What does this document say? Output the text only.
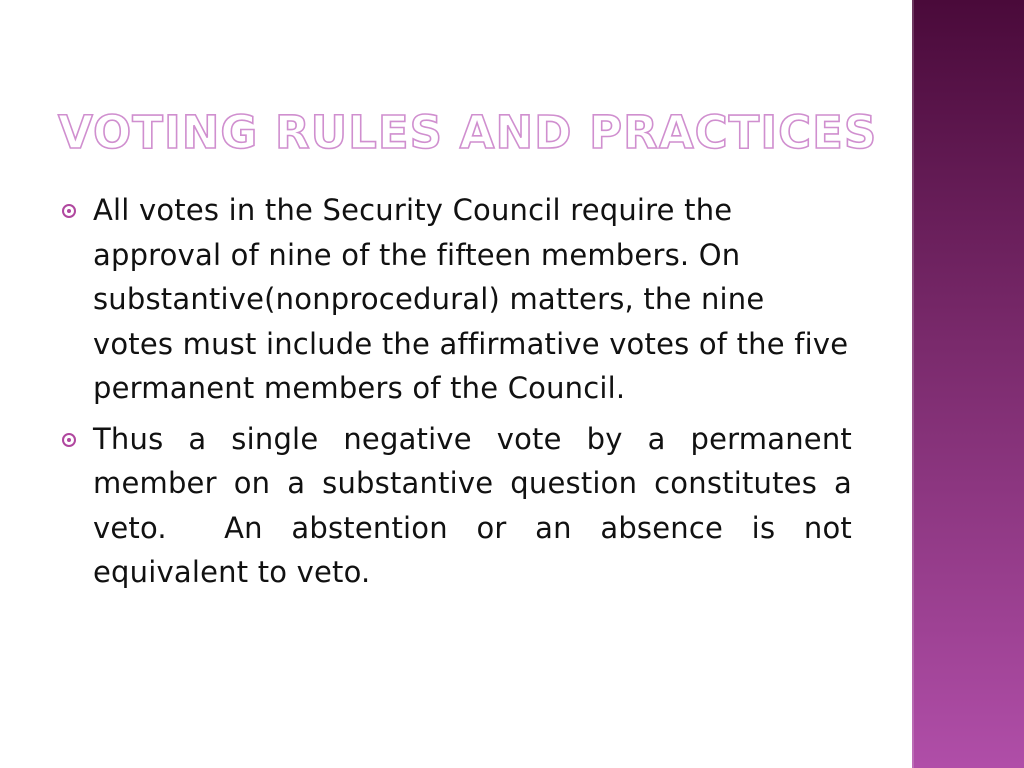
VOTING RULES AND PRACTICES

All votes in the Security Council require the approval of nine of the fifteen members. On substantive(nonprocedural) matters, the nine votes must include the affirmative votes of the five permanent members of the Council.

Thus a single negative vote by a permanent member on a substantive question constitutes a veto.  An abstention or an absence is not equivalent to veto.
